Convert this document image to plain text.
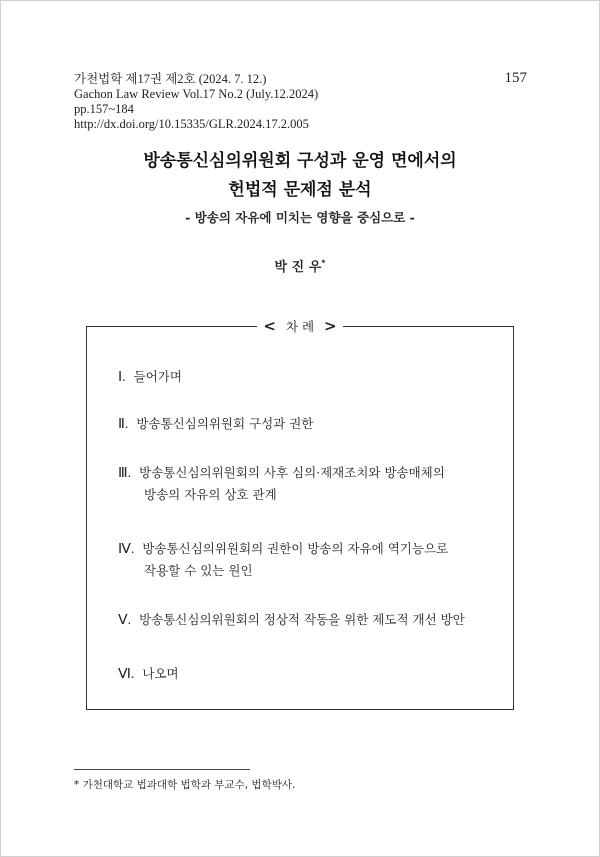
가천법학 제17권 제2호 (2024. 7. 12.)
Gachon Law Review Vol.17 No.2 (July.12.2024)
pp.157~184
http://dx.doi.org/10.15335/GLR.2024.17.2.005
157
방송통신심의위원회 구성과 운영 면에서의
헌법적 문제점 분석
- 방송의 자유에 미치는 영향을 중심으로 -
박 진 우*
< 차 례 >
Ⅰ. 들어가며
Ⅱ. 방송통신심의위원회 구성과 권한
Ⅲ. 방송통신심의위원회의 사후 심의·제재조치와 방송매체의
방송의 자유의 상호 관계
Ⅳ. 방송통신심의위원회의 권한이 방송의 자유에 역기능으로
작용할 수 있는 원인
Ⅴ. 방송통신심의위원회의 정상적 작동을 위한 제도적 개선 방안
Ⅵ. 나오며
* 가천대학교 법과대학 법학과 부교수, 법학박사.
